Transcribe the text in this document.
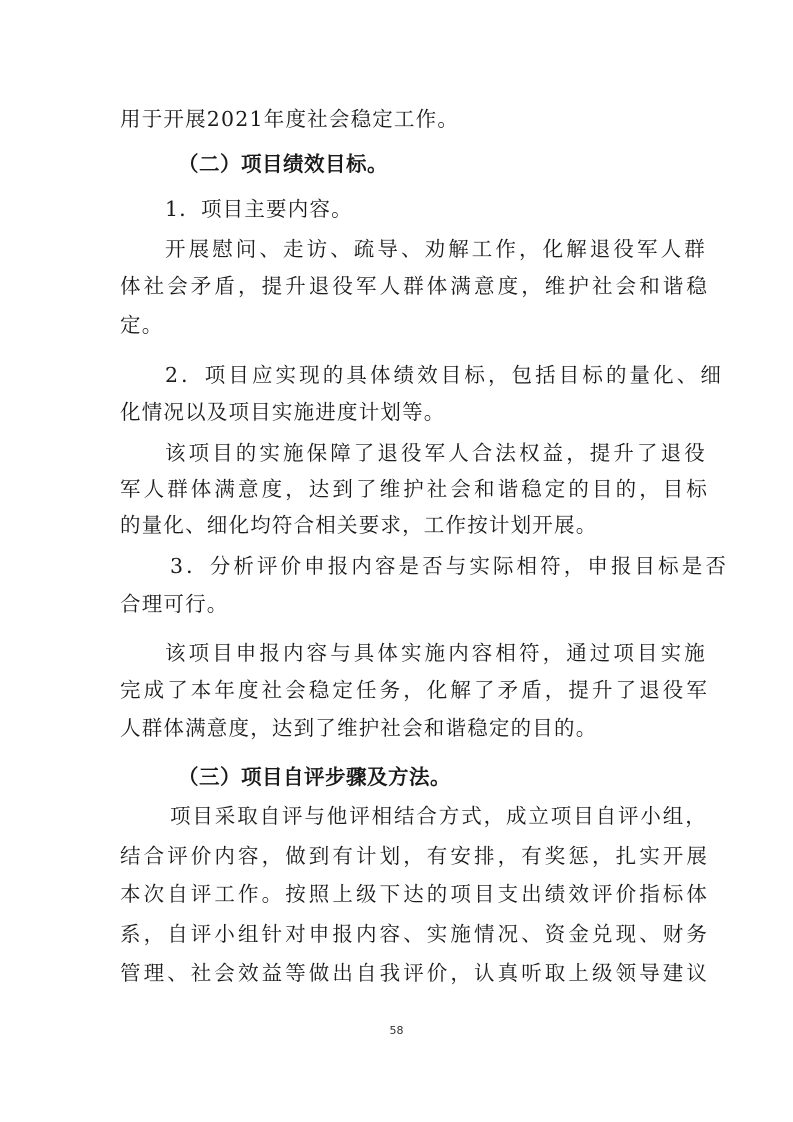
用于开展2021年度社会稳定工作。

（二）项目绩效目标。

1．项目主要内容。

开展慰问、走访、疏导、劝解工作，化解退役军人群

体社会矛盾，提升退役军人群体满意度，维护社会和谐稳

定。

2．项目应实现的具体绩效目标，包括目标的量化、细

化情况以及项目实施进度计划等。

该项目的实施保障了退役军人合法权益，提升了退役

军人群体满意度，达到了维护社会和谐稳定的目的，目标

的量化、细化均符合相关要求，工作按计划开展。

3．分析评价申报内容是否与实际相符，申报目标是否

合理可行。

该项目申报内容与具体实施内容相符，通过项目实施

完成了本年度社会稳定任务，化解了矛盾，提升了退役军

人群体满意度，达到了维护社会和谐稳定的目的。

（三）项目自评步骤及方法。

项目采取自评与他评相结合方式，成立项目自评小组，

结合评价内容，做到有计划，有安排，有奖惩，扎实开展

本次自评工作。按照上级下达的项目支出绩效评价指标体

系，自评小组针对申报内容、实施情况、资金兑现、财务

管理、社会效益等做出自我评价，认真听取上级领导建议

58
